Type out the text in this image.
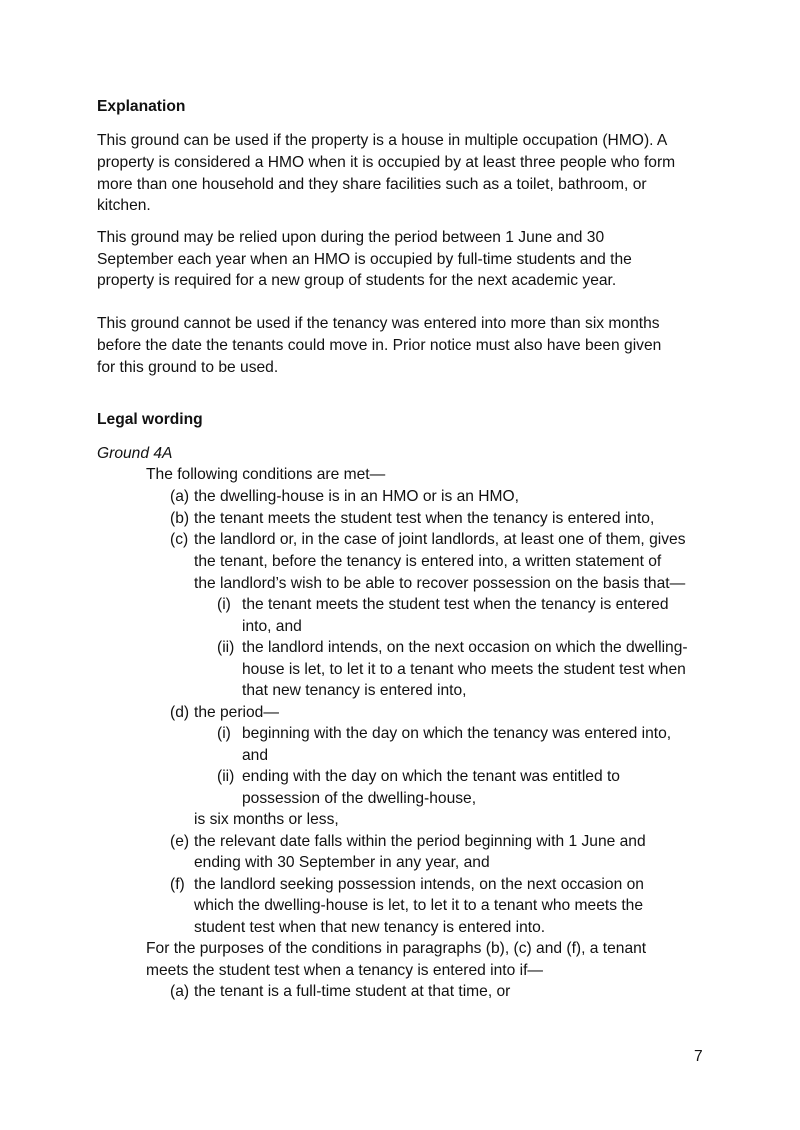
Explanation
This ground can be used if the property is a house in multiple occupation (HMO). A
property is considered a HMO when it is occupied by at least three people who form
more than one household and they share facilities such as a toilet, bathroom, or
kitchen.
This ground may be relied upon during the period between 1 June and 30
September each year when an HMO is occupied by full-time students and the
property is required for a new group of students for the next academic year.
This ground cannot be used if the tenancy was entered into more than six months
before the date the tenants could move in. Prior notice must also have been given
for this ground to be used.
Legal wording
Ground 4A
The following conditions are met—
(a) the dwelling-house is in an HMO or is an HMO,
(b) the tenant meets the student test when the tenancy is entered into,
(c) the landlord or, in the case of joint landlords, at least one of them, gives
the tenant, before the tenancy is entered into, a written statement of
the landlord’s wish to be able to recover possession on the basis that—
(i) the tenant meets the student test when the tenancy is entered
into, and
(ii) the landlord intends, on the next occasion on which the dwelling-
house is let, to let it to a tenant who meets the student test when
that new tenancy is entered into,
(d) the period—
(i) beginning with the day on which the tenancy was entered into,
and
(ii) ending with the day on which the tenant was entitled to
possession of the dwelling-house,
is six months or less,
(e) the relevant date falls within the period beginning with 1 June and
ending with 30 September in any year, and
(f) the landlord seeking possession intends, on the next occasion on
which the dwelling-house is let, to let it to a tenant who meets the
student test when that new tenancy is entered into.
For the purposes of the conditions in paragraphs (b), (c) and (f), a tenant
meets the student test when a tenancy is entered into if—
(a) the tenant is a full-time student at that time, or
7
